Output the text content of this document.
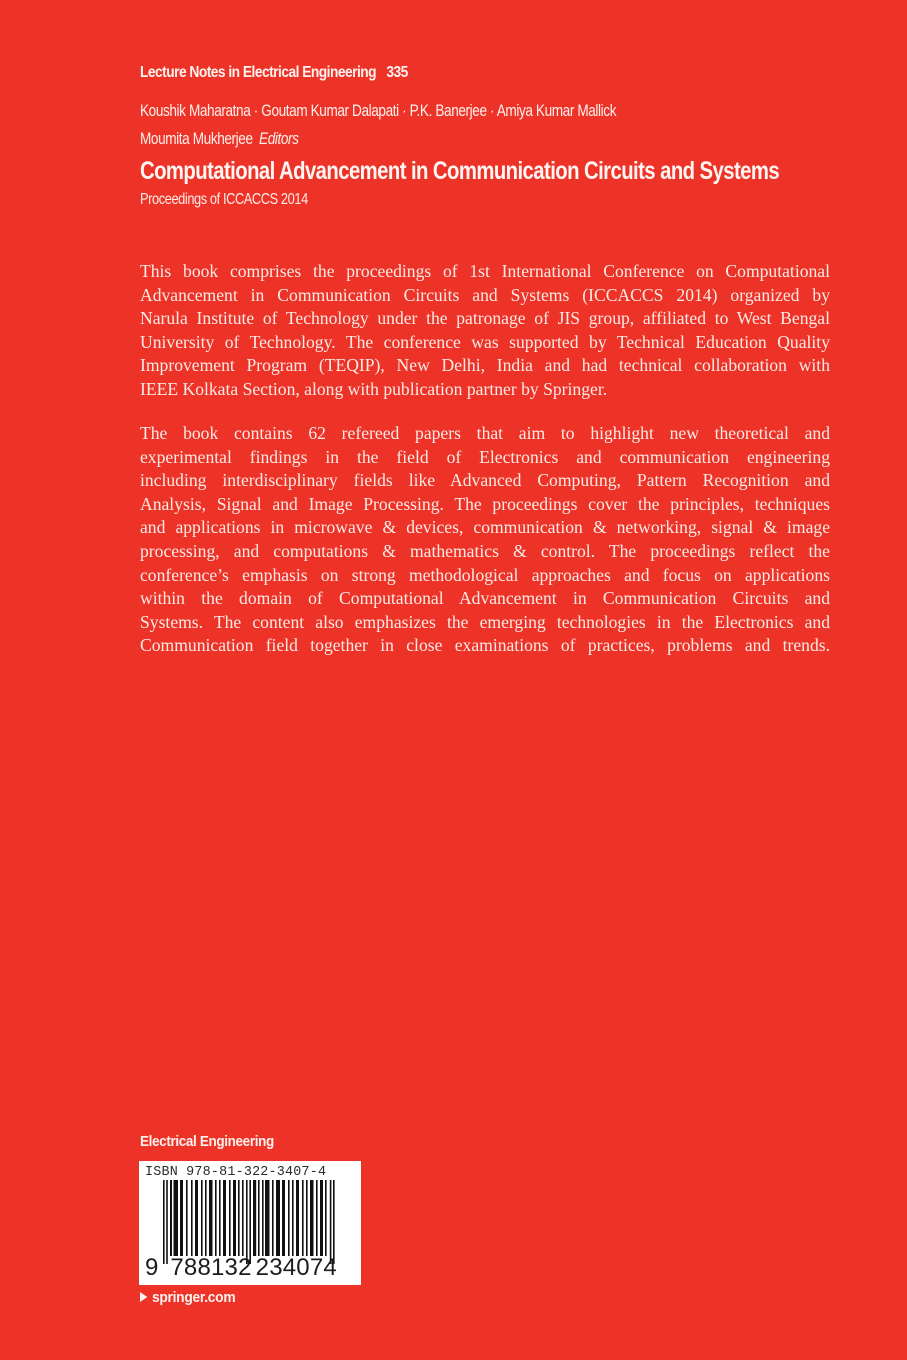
Lecture Notes in Electrical Engineering 335
Koushik Maharatna · Goutam Kumar Dalapati · P.K. Banerjee · Amiya Kumar Mallick
Moumita Mukherjee Editors
Computational Advancement in Communication Circuits and Systems
Proceedings of ICCACCS 2014
This book comprises the proceedings of 1st International Conference on Computational
Advancement in Communication Circuits and Systems (ICCACCS 2014) organized by
Narula Institute of Technology under the patronage of JIS group, affiliated to West Bengal
University of Technology. The conference was supported by Technical Education Quality
Improvement Program (TEQIP), New Delhi, India and had technical collaboration with
IEEE Kolkata Section, along with publication partner by Springer.
The book contains 62 refereed papers that aim to highlight new theoretical and
experimental findings in the field of Electronics and communication engineering
including interdisciplinary fields like Advanced Computing, Pattern Recognition and
Analysis, Signal and Image Processing. The proceedings cover the principles, techniques
and applications in microwave & devices, communication & networking, signal & image
processing, and computations & mathematics & control. The proceedings reflect the
conference’s emphasis on strong methodological approaches and focus on applications
within the domain of Computational Advancement in Communication Circuits and
Systems. The content also emphasizes the emerging technologies in the Electronics and
Communication field together in close examinations of practices, problems and trends.
Electrical Engineering
ISBN 978-81-322-3407-4
9 788132 234074
springer.com
